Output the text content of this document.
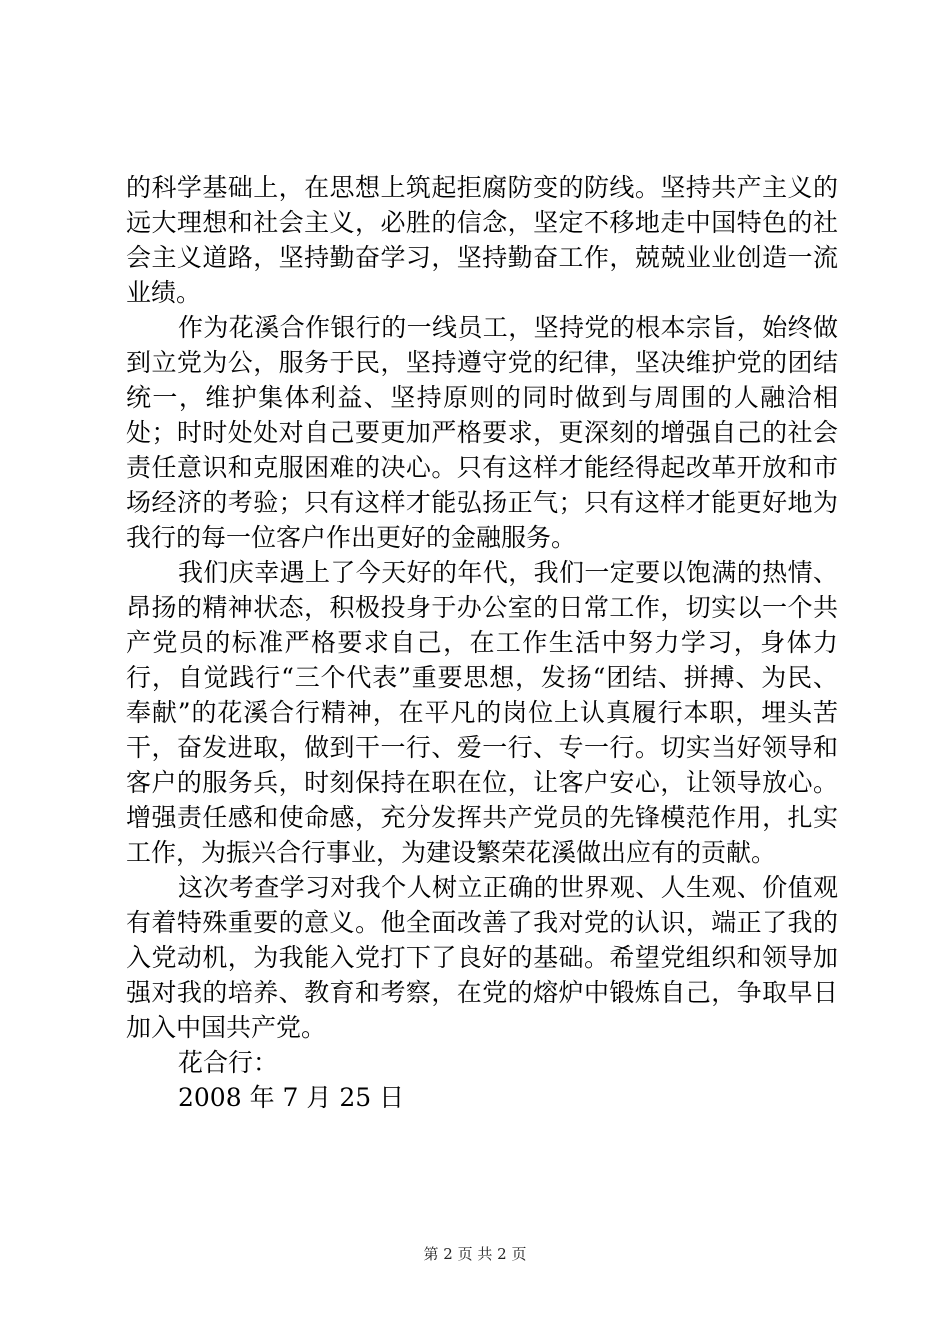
的科学基础上，在思想上筑起拒腐防变的防线。坚持共产主义的远大理想和社会主义，必胜的信念，坚定不移地走中国特色的社会主义道路，坚持勤奋学习，坚持勤奋工作，兢兢业业创造一流业绩。

作为花溪合作银行的一线员工，坚持党的根本宗旨，始终做到立党为公，服务于民，坚持遵守党的纪律，坚决维护党的团结统一，维护集体利益、坚持原则的同时做到与周围的人融洽相处；时时处处对自己要更加严格要求，更深刻的增强自己的社会责任意识和克服困难的决心。只有这样才能经得起改革开放和市场经济的考验；只有这样才能弘扬正气；只有这样才能更好地为我行的每一位客户作出更好的金融服务。

我们庆幸遇上了今天好的年代，我们一定要以饱满的热情、昂扬的精神状态，积极投身于办公室的日常工作，切实以一个共产党员的标准严格要求自己，在工作生活中努力学习，身体力行，自觉践行“三个代表”重要思想，发扬“团结、拼搏、为民、奉献”的花溪合行精神，在平凡的岗位上认真履行本职，埋头苦干，奋发进取，做到干一行、爱一行、专一行。切实当好领导和客户的服务兵，时刻保持在职在位，让客户安心，让领导放心。增强责任感和使命感，充分发挥共产党员的先锋模范作用，扎实工作，为振兴合行事业，为建设繁荣花溪做出应有的贡献。

这次考查学习对我个人树立正确的世界观、人生观、价值观有着特殊重要的意义。他全面改善了我对党的认识，端正了我的入党动机，为我能入党打下了良好的基础。希望党组织和领导加强对我的培养、教育和考察，在党的熔炉中锻炼自己，争取早日加入中国共产党。

花合行：

2008 年 7 月 25 日

第 2 页 共 2 页
